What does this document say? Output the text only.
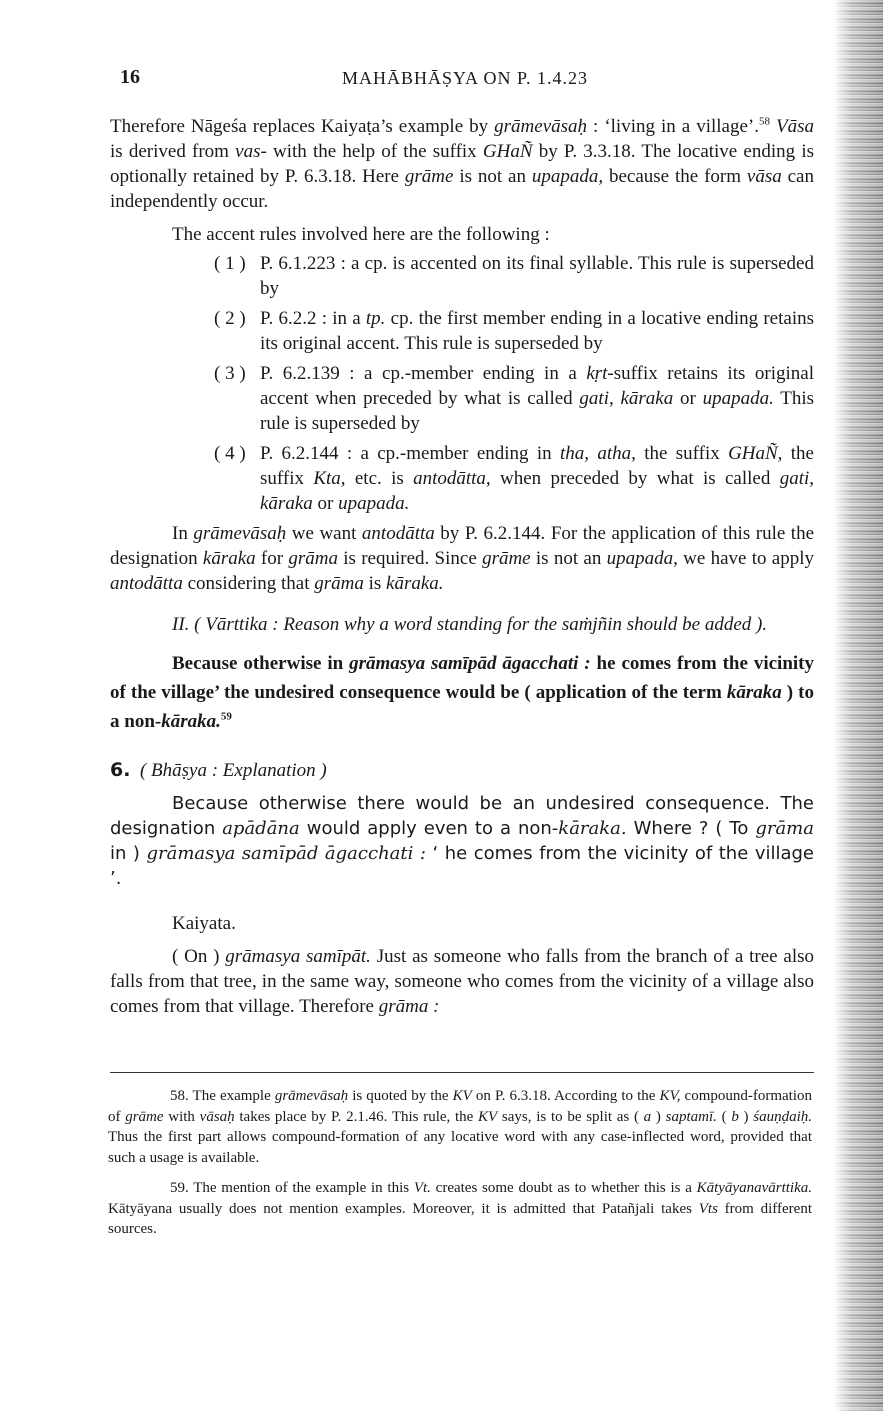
16	MAHĀBHĀṢYA ON P. 1.4.23

Therefore Nāgeśa replaces Kaiyaṭa’s example by grāmevāsaḥ : ‘living in a village’.$^{58}$ Vāsa is derived from vas- with the help of the suffix GHaÑ by P. 3.3.18. The locative ending is optionally retained by P. 6.3.18. Here grāme is not an upapada, because the form vāsa can independently occur.

The accent rules involved here are the following :

( 1 ) P. 6.1.223 : a cp. is accented on its final syllable. This rule is superseded by
( 2 ) P. 6.2.2 : in a tp. cp. the first member ending in a locative ending retains its original accent. This rule is superseded by
( 3 ) P. 6.2.139 : a cp.-member ending in a kṛt-suffix retains its original accent when preceded by what is called gati, kāraka or upapada. This rule is superseded by
( 4 ) P. 6.2.144 : a cp.-member ending in tha, atha, the suffix GHaÑ, the suffix Kta, etc. is antodātta, when preceded by what is called gati, kāraka or upapada.

In grāmevāsaḥ we want antodātta by P. 6.2.144. For the application of this rule the designation kāraka for grāma is required. Since grāme is not an upapada, we have to apply antodātta considering that grāma is kāraka.

II. ( Vārttika : Reason why a word standing for the saṁjñin should be added ).

Because otherwise in grāmasya samīpād āgacchati : he comes from the vicinity of the village’ the undesired consequence would be ( application of the term kāraka ) to a non-kāraka.$^{59}$

6. ( Bhāṣya : Explanation )

Because otherwise there would be an undesired consequence. The designation apādāna would apply even to a non-kāraka. Where ? ( To grāma in ) grāmasya samīpād āgacchati : ‘ he comes from the vicinity of the village ’.

Kaiyata.

( On ) grāmasya samīpāt. Just as someone who falls from the branch of a tree also falls from that tree, in the same way, someone who comes from the vicinity of a village also comes from that village. Therefore grāma :

58. The example grāmevāsaḥ is quoted by the KV on P. 6.3.18. According to the KV, compound-formation of grāme with vāsaḥ takes place by P. 2.1.46. This rule, the KV says, is to be split as ( a ) saptamī. ( b ) śauṇḍaiḥ. Thus the first part allows compound-formation of any locative word with any case-inflected word, provided that such a usage is available.

59. The mention of the example in this Vt. creates some doubt as to whether this is a Kātyāyanavārttika. Kātyāyana usually does not mention examples. Moreover, it is admitted that Patañjali takes Vts from different sources.
